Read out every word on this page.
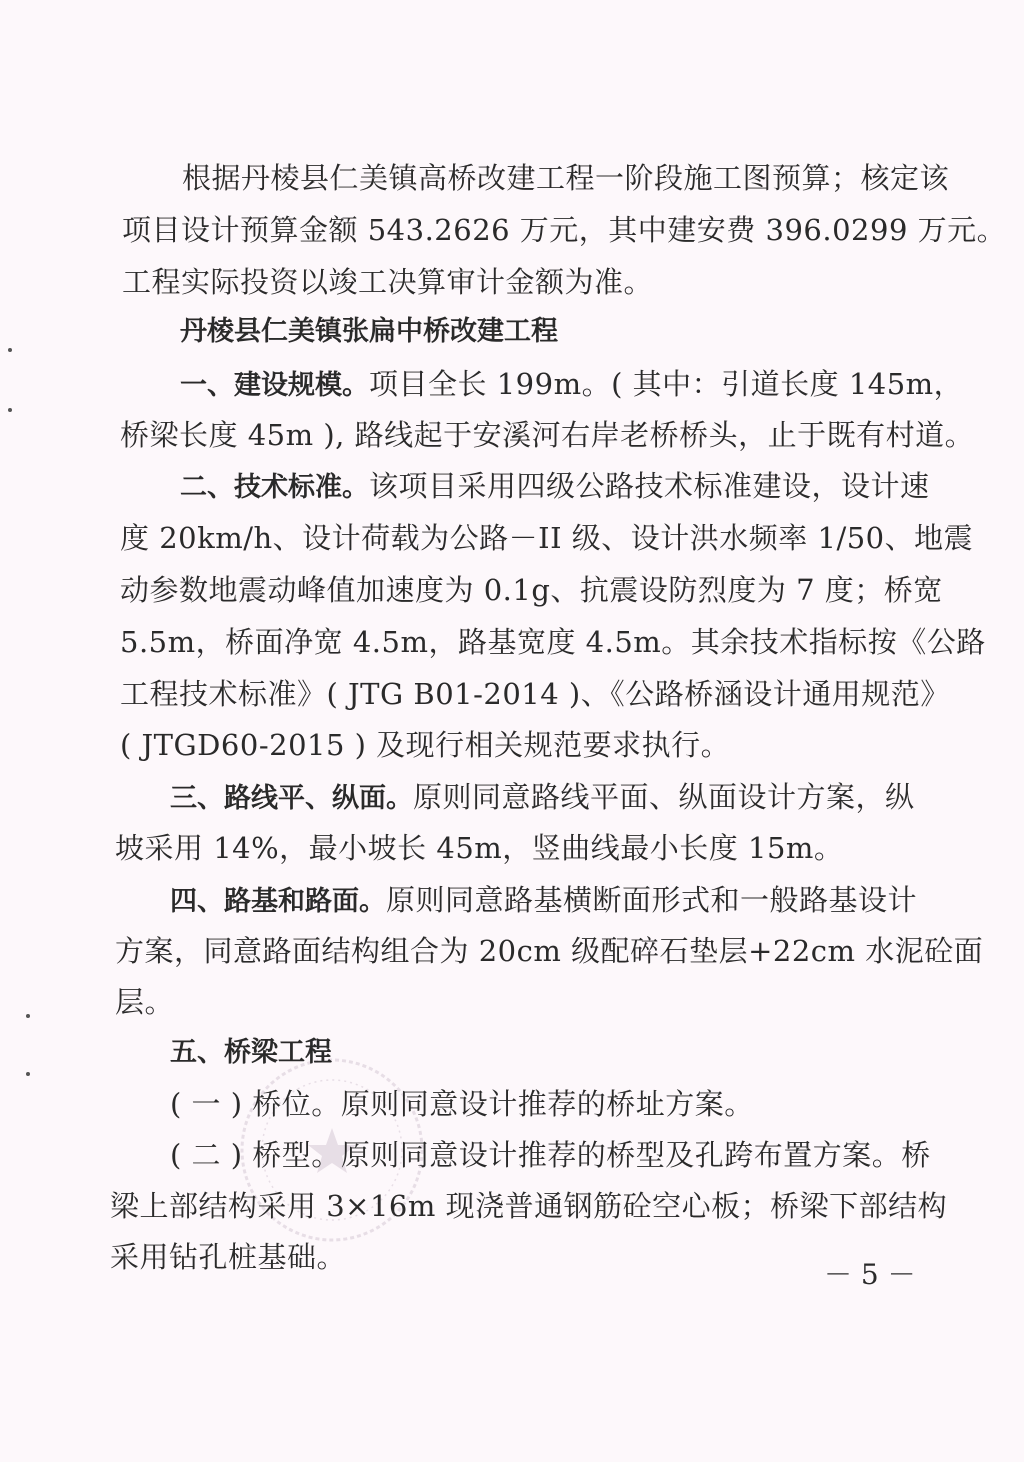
根据丹棱县仁美镇高桥改建工程一阶段施工图预算；核定该
项目设计预算金额 543.2626 万元，其中建安费 396.0299 万元。
工程实际投资以竣工决算审计金额为准。
丹棱县仁美镇张扁中桥改建工程
一、建设规模。项目全长 199m。( 其中：引道长度 145m，
桥梁长度 45m ), 路线起于安溪河右岸老桥桥头，止于既有村道。
二、技术标准。该项目采用四级公路技术标准建设，设计速
度 20km/h、设计荷载为公路－II 级、设计洪水频率 1/50、地震
动参数地震动峰值加速度为 0.1g、抗震设防烈度为 7 度；桥宽
5.5m，桥面净宽 4.5m，路基宽度 4.5m。其余技术指标按《公路
工程技术标准》( JTG B01-2014 )、《公路桥涵设计通用规范》
( JTGD60-2015 ) 及现行相关规范要求执行。
三、路线平、纵面。原则同意路线平面、纵面设计方案，纵
坡采用 14%，最小坡长 45m，竖曲线最小长度 15m。
四、路基和路面。原则同意路基横断面形式和一般路基设计
方案，同意路面结构组合为 20cm 级配碎石垫层+22cm 水泥砼面
层。
五、桥梁工程
( 一 ) 桥位。原则同意设计推荐的桥址方案。
( 二 ) 桥型。原则同意设计推荐的桥型及孔跨布置方案。桥
梁上部结构采用 3×16m 现浇普通钢筋砼空心板；桥梁下部结构
采用钻孔桩基础。
－ 5 －
